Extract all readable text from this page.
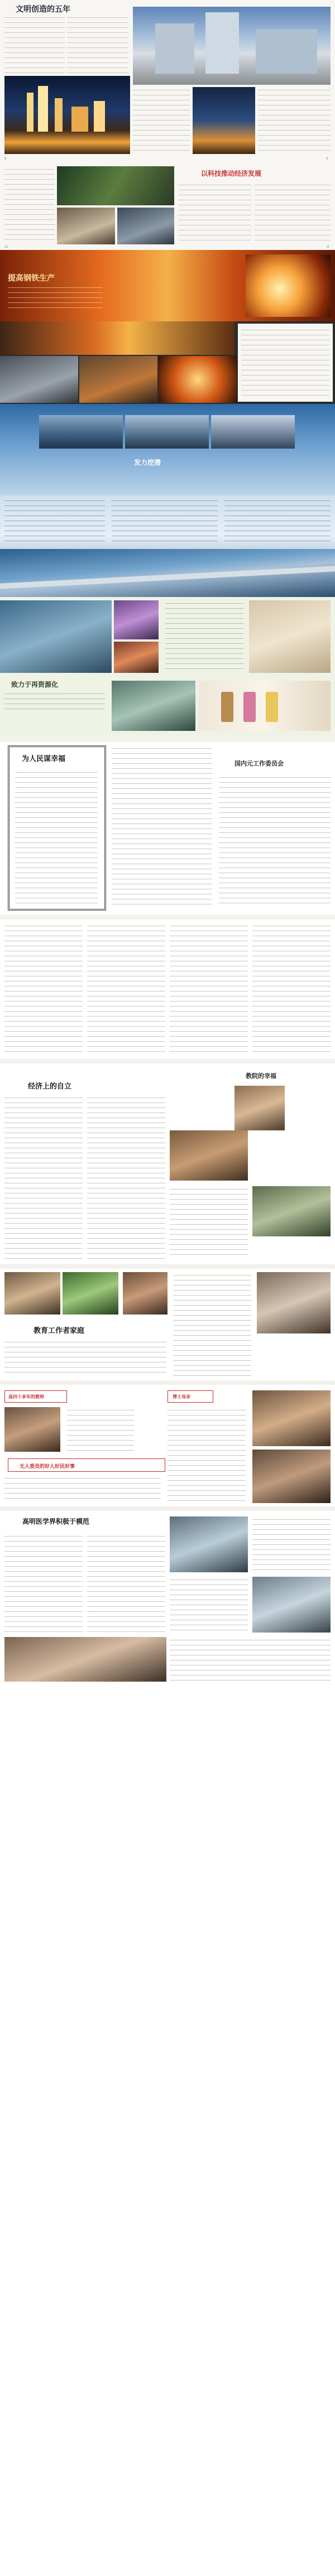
文明创造的五年
8	9
以科技推动经济发展
10	11
提高钢铁生产
发力挖潜
致力于再资源化
为人民谋幸福
国内元工作委员会
经济上的自立
教院的幸福
教育工作者家庭
高四十多年的教师	博士母亲
无人委员的好人好民好事
高明医学界积极于模范
